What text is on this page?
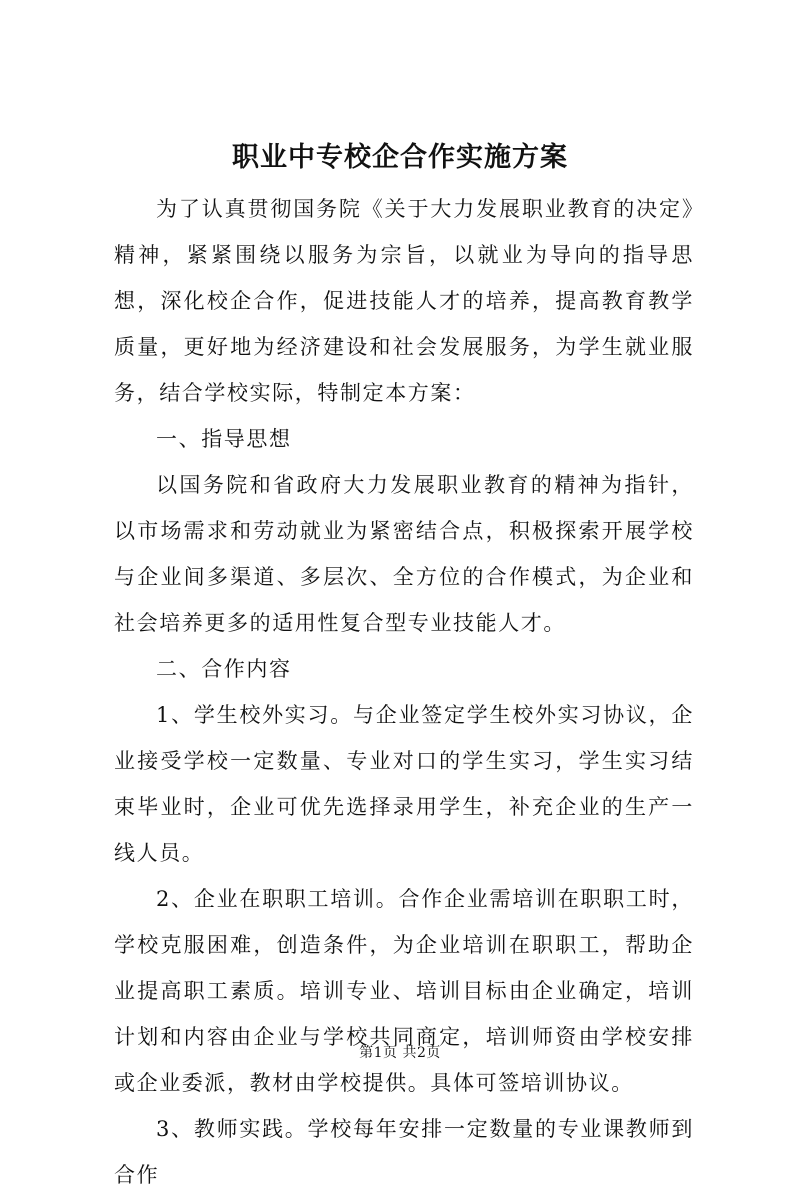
职业中专校企合作实施方案

为了认真贯彻国务院《关于大力发展职业教育的决定》精神，紧紧围绕以服务为宗旨，以就业为导向的指导思想，深化校企合作，促进技能人才的培养，提高教育教学质量，更好地为经济建设和社会发展服务，为学生就业服务，结合学校实际，特制定本方案：

一、指导思想

以国务院和省政府大力发展职业教育的精神为指针，以市场需求和劳动就业为紧密结合点，积极探索开展学校与企业间多渠道、多层次、全方位的合作模式，为企业和社会培养更多的适用性复合型专业技能人才。

二、合作内容

1、学生校外实习。与企业签定学生校外实习协议，企业接受学校一定数量、专业对口的学生实习，学生实习结束毕业时，企业可优先选择录用学生，补充企业的生产一线人员。

2、企业在职职工培训。合作企业需培训在职职工时，学校克服困难，创造条件，为企业培训在职职工，帮助企业提高职工素质。培训专业、培训目标由企业确定，培训计划和内容由企业与学校共同商定，培训师资由学校安排或企业委派，教材由学校提供。具体可签培训协议。

3、教师实践。学校每年安排一定数量的专业课教师到合作

第1页 共2页
